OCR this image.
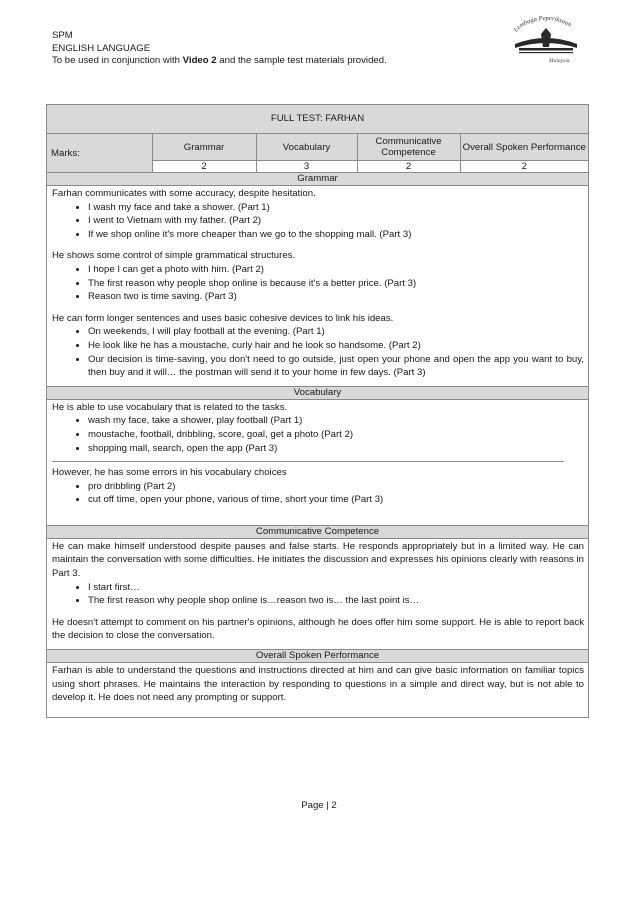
SPM
ENGLISH LANGUAGE
To be used in conjunction with Video 2 and the sample test materials provided.
Lembaga Peperiksaan
Malaysia
FULL TEST: FARHAN
Marks:	Grammar	Vocabulary	Communicative Competence	Overall Spoken Performance
	2	3	2	2
Grammar

Farhan communicates with some accuracy, despite hesitation.

• I wash my face and take a shower. (Part 1)
• I went to Vietnam with my father. (Part 2)
• If we shop online it's more cheaper than we go to the shopping mall. (Part 3)

He shows some control of simple grammatical structures.

• I hope I can get a photo with him. (Part 2)
• The first reason why people shop online is because it's a better price. (Part 3)
• Reason two is time saving. (Part 3)

He can form longer sentences and uses basic cohesive devices to link his ideas.

• On weekends, I will play football at the evening. (Part 1)
• He look like he has a moustache, curly hair and he look so handsome. (Part 2)
• Our decision is time-saving, you don't need to go outside, just open your phone and open the app you want to buy, then buy and it will… the postman will send it to your home in few days. (Part 3)
Vocabulary

He is able to use vocabulary that is related to the tasks.

• wash my face, take a shower, play football (Part 1)
• moustache, football, dribbling, score, goal, get a photo (Part 2)
• shopping mall, search, open the app (Part 3)

However, he has some errors in his vocabulary choices

• pro dribbling (Part 2)
• cut off time, open your phone, various of time, short your time (Part 3)
Communicative Competence

He can make himself understood despite pauses and false starts. He responds appropriately but in a limited way. He can maintain the conversation with some difficulties. He initiates the discussion and expresses his opinions clearly with reasons in Part 3.

• I start first…
• The first reason why people shop online is…reason two is… the last point is…

He doesn't attempt to comment on his partner's opinions, although he does offer him some support. He is able to report back the decision to close the conversation.

Overall Spoken Performance

Farhan is able to understand the questions and instructions directed at him and can give basic information on familiar topics using short phrases. He maintains the interaction by responding to questions in a simple and direct way, but is not able to develop it. He does not need any prompting or support.

Page | 2
